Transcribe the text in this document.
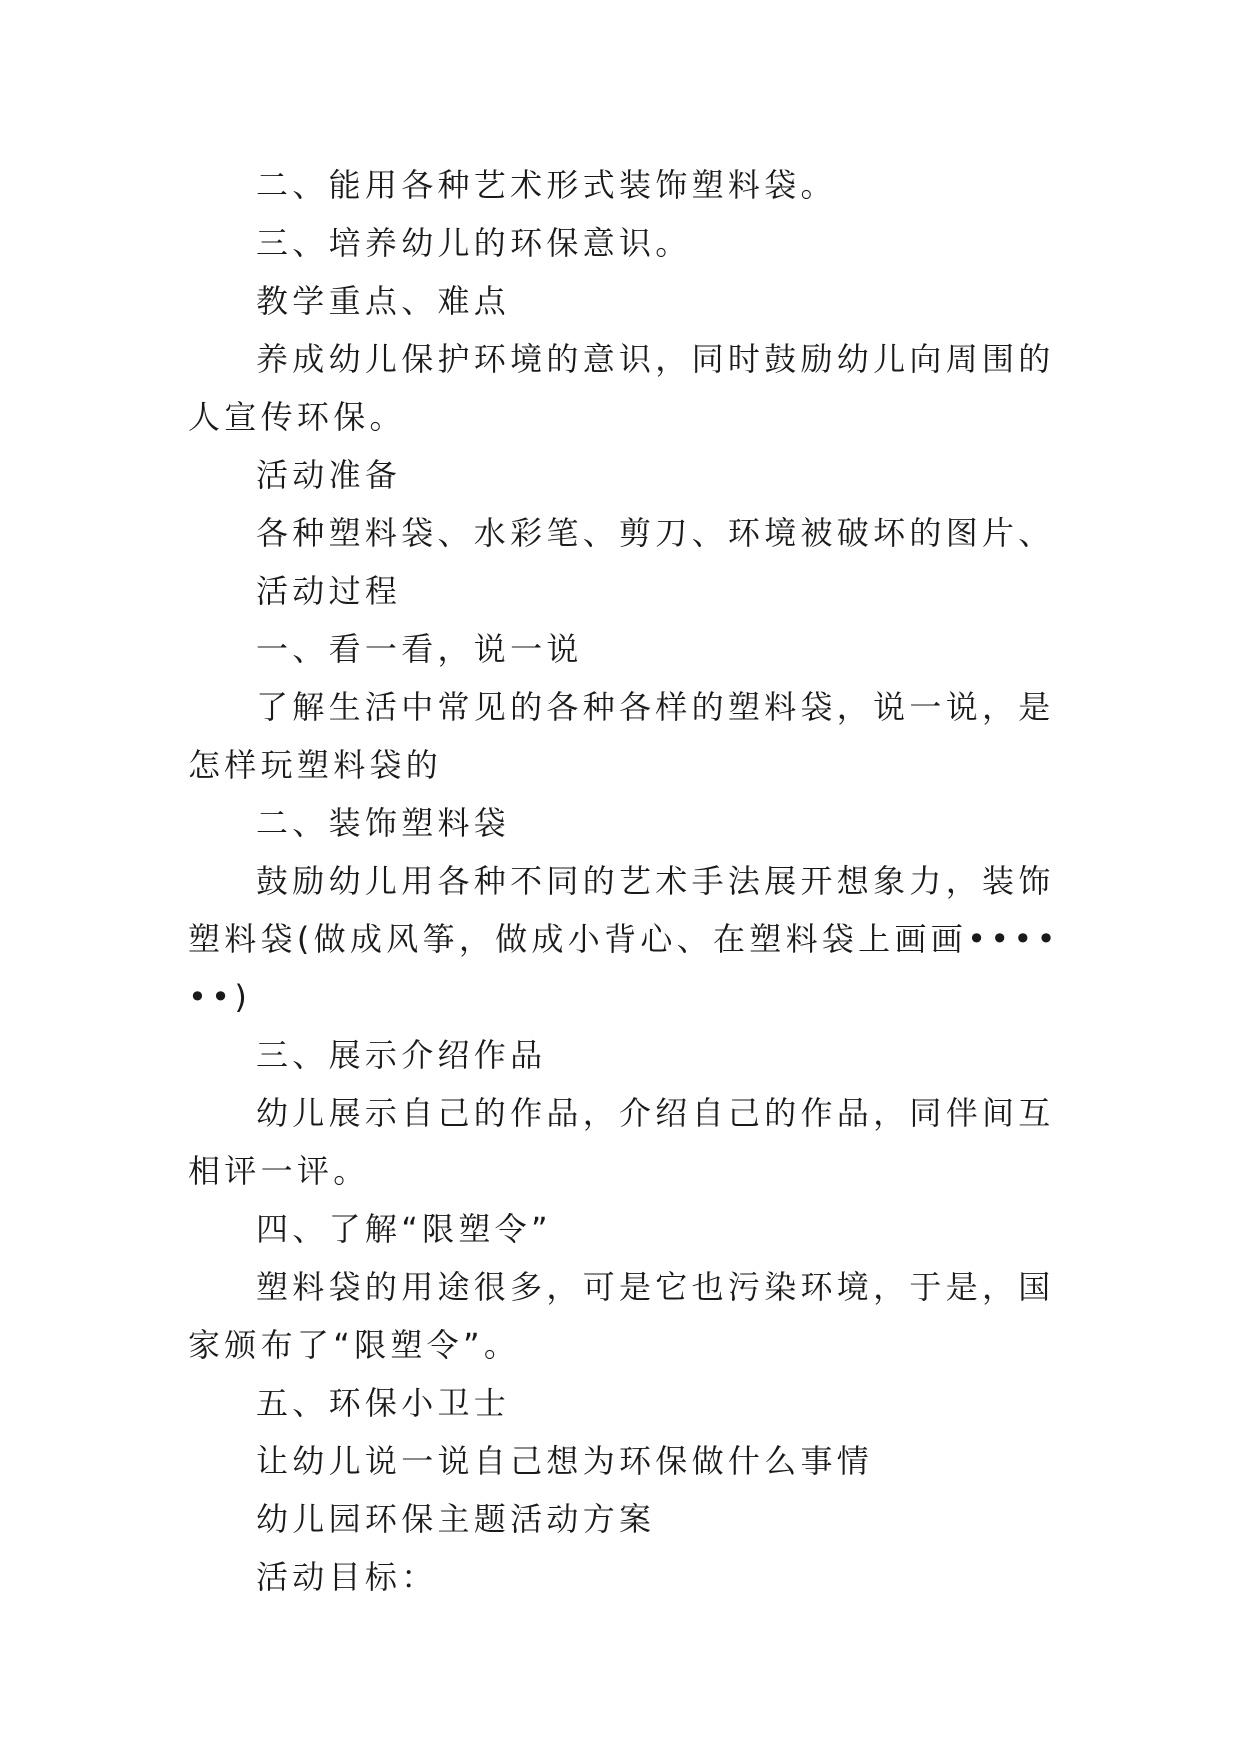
二、能用各种艺术形式装饰塑料袋。

三、培养幼儿的环保意识。

教学重点、难点

养成幼儿保护环境的意识，同时鼓励幼儿向周围的人宣传环保。

活动准备

各种塑料袋、水彩笔、剪刀、环境被破坏的图片、

活动过程

一、看一看，说一说

了解生活中常见的各种各样的塑料袋，说一说，是怎样玩塑料袋的

二、装饰塑料袋

鼓励幼儿用各种不同的艺术手法展开想象力，装饰塑料袋(做成风筝，做成小背心、在塑料袋上画画••••••)

三、展示介绍作品

幼儿展示自己的作品，介绍自己的作品，同伴间互相评一评。

四、了解“限塑令”

塑料袋的用途很多，可是它也污染环境，于是，国家颁布了“限塑令”。

五、环保小卫士

让幼儿说一说自己想为环保做什么事情

幼儿园环保主题活动方案

活动目标：
